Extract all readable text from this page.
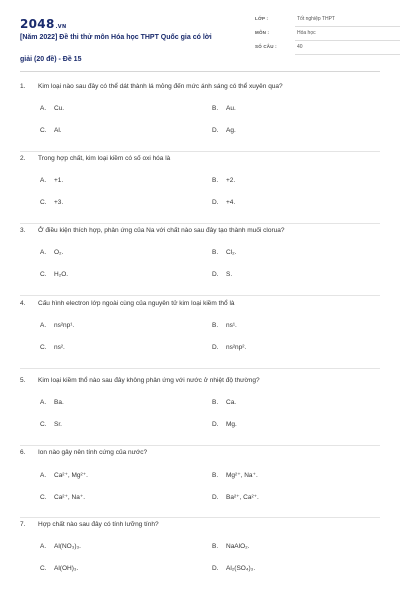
2048.VN
[Năm 2022] Đề thi thử môn Hóa học THPT Quốc gia có lời
giải (20 đề) - Đề 15
LỚP :	Tốt nghiệp THPT
MÔN :	Hóa học
SỐ CÂU :	40
1. Kim loại nào sau đây có thể dát thành lá mỏng đến mức ánh sáng có thể xuyên qua?
A. Cu.	B. Au.
C. Al.	D. Ag.
2. Trong hợp chất, kim loại kiềm có số oxi hóa là
A. +1.	B. +2.
C. +3.	D. +4.
3. Ở điều kiện thích hợp, phản ứng của Na với chất nào sau đây tạo thành muối clorua?
A. O₂.	B. Cl₂.
C. H₂O.	D. S.
4. Cấu hình electron lớp ngoài cùng của nguyên tử kim loại kiềm thổ là
A. ns²np¹.	B. ns¹.
C. ns².	D. ns²np².
5. Kim loại kiềm thổ nào sau đây không phản ứng với nước ở nhiệt độ thường?
A. Ba.	B. Ca.
C. Sr.	D. Mg.
6. Ion nào gây nên tính cứng của nước?
A. Ca²⁺, Mg²⁺.	B. Mg²⁺, Na⁺.
C. Ca²⁺, Na⁺.	D. Ba²⁺, Ca²⁺.
7. Hợp chất nào sau đây có tính lưỡng tính?
A. Al(NO₃)₃.	B. NaAlO₂.
C. Al(OH)₃.	D. Al₂(SO₄)₃.
